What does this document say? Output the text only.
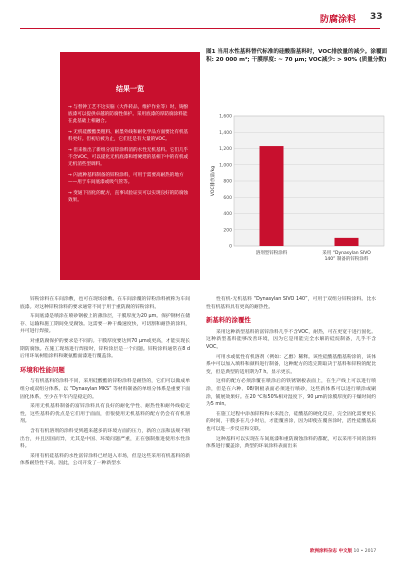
防腐涂料 33
结果一览
→ 与替钟工艺不这实脑（大件转品，维护作业等）时，铸酚底漆可以提供卓越的防腐性保护。采用底漆的厚防腐涂料能在此基础上相融合。
→ 无机硅酸酯类粗料、耐墨外线和耐化学品方面要比有机基料更好。但初后被为止，它们还是有大量的VOC。
→ 但来推出了新组分富锌涂料消的水性无机基料。它们几乎不含VOC，可以提化无机底漆和增硬建的基相下中的有机或无机消些型调料。
→ 闪流种基料制备的锌粉涂料，可用于需要高耐热的地方——用于车间底漆或吸气管等。
→ 变通下固化的配方，直事试验证实可以实现良好的防腐蚀效果。
图1 当用水性基料替代标准的硅酸脂基料时，VOC排放量的减少。涂覆面积: 20 000 m²; 干膜厚度: ~ 70 μm; VOC减少: > 90% (质量分数)
0
200
400
600
800
1,000
1,200
1,400
1,600
VOC排放量/kg
溶剂型锌粉涂料	采用 “Dynasylan SIVO
140” 制备的锌粉涂料

锌粉涂料在车间涂敷，也可在现场涂敷。在车间涂覆的锌粉涂料被称为车间底漆。对这种锌粉涂料的要求通常不同于用于重防腐的锌粉涂料。

车间底漆是喷涂在喷砂钢板上的薄涂层，干膜厚度为20 μm。保护钢材在储存、运输和施工期间免受腐蚀。这需要一种干燥速度快，可切割和耐热的涂料，并可进行焊接。

对重防腐保护的要求是不同的。干膜厚度要达到70 μm或更高，才能实现长期防腐蚀。在施工现场进行焊接时，锌粉涂层是一个问题。锌粉涂料通常在8 d后用环氧树脂涂料和聚氨酯面漆进行覆盖涂。

环境和性能问题

与有机基料的涂料不同，采用硅酸酯的锌粉涂料是耐热的，它们可以做成单组分或双组分体系。以 “Dynasylan MKS” 等材料制备的单组分体系是重要下面固化体系，至少在半年内是稳定的。

采用无机基料制备的富锌涂料具有良好的耐化学性、耐热性和耐外线稳定性，这些基料的优点是它们用于面面，但很使用无机基料的配方仍会有有机溶剂。

含有有机溶剂的涂料受到越来越多的环境方面的压力，新的立法和法规不断出台，并且因国而异，尤其是中国、环境问题严重，正在强制推进使用水性涂料。

采用有机硅基料的水性富锌涂料已经进入市场，但是这些采用有机基料的新体系耐热性不高。因此，公司开发了一种新型水

性有机-无机基料 “Dynasylan SIVO 140”，可用于双组分锌粉涂料。比水性有机基料具有更高的耐热性。

新基料的涂覆性

采用这种新型基料的富锌涂料几乎不含VOC，耐热，可在更宽干进行固化。这种新型基料能够改善环境，因为它是用能完全水解的硅烷制备，几乎不含VOC。

可用水或低性有机溶剂（例如：乙醇）稀释。该性硅酸基酯基粉涂的，该体系中可以加入填料和颜料进行制备，这种配方的选完期取决于基料和锌粉的配比变，但是典型的适用期为7 h。显示更长。

这样的配方必须涂覆在喷涂后的铁锈钢板表面上，在生产线上可以进行喷涂，但是在六种、08/钢板表面必须进行喷砂，这些新体系可以进行喷涂或刷涂，铺展效果好。在20 ℃和50%相对湿度下，90 μm的涂膜厚度的干燥时间约为5 min。

在施工过程中添加锌粉和水来混合，硅酸基的硬化反应，完全固化需要更长的时间，干膜多在几小时后，才能覆喜涂，因为即使在覆喜涂时，活性硅酸基质也可以进一步反应和交联。

这种基料可以实现在车间底漆和重防腐蚀涂料的都配，可以采用不同的涂料体系进行覆盖涂，典型的环氧涂料表面出来

欧洲涂料杂志 中文版 10 • 2017
